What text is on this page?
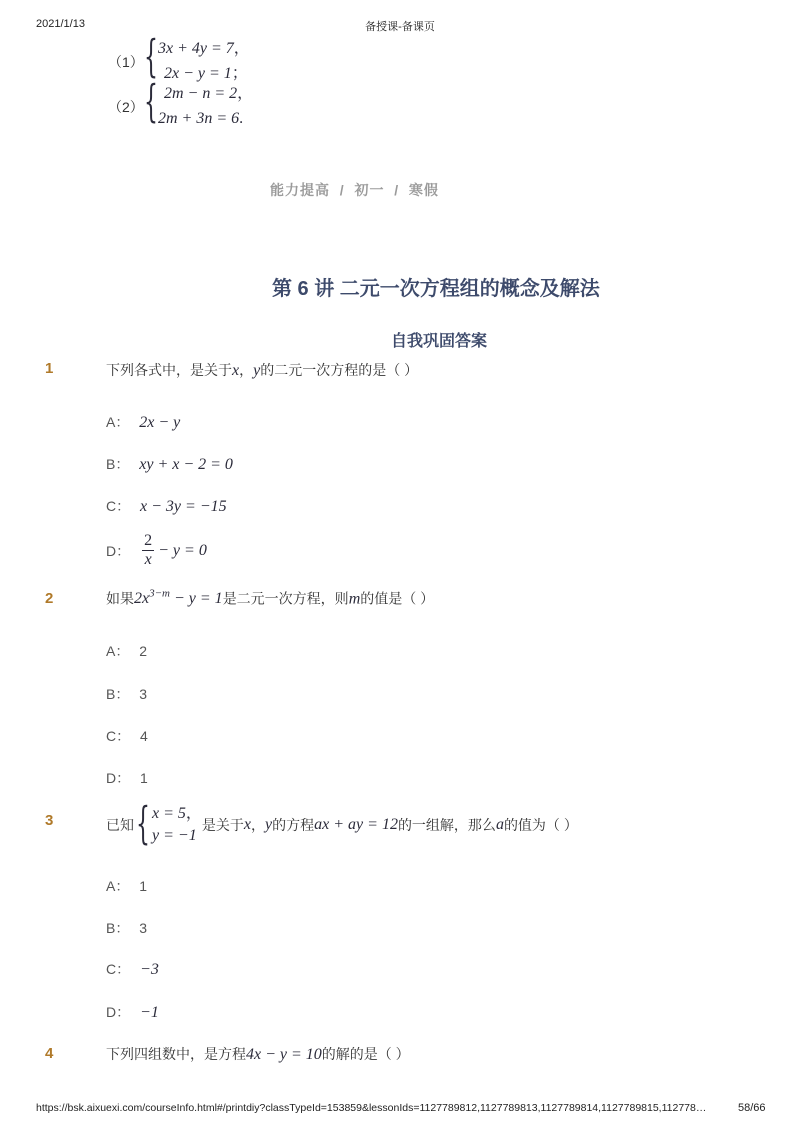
2021/1/13	备授课-备课页
（1） { 3x + 4y = 7，
2x − y = 1；
（2） { 2m − n = 2，
2m + 3n = 6.
能力提高  /  初一  /  寒假
第 6 讲 二元一次方程组的概念及解法
自我巩固答案
1	下列各式中，是关于x，y的二元一次方程的是（ ）
A： 2x − y
B： xy + x − 2 = 0
C： x − 3y = −15
D： $\frac{2}{x} - y = 0$
2	如果$2x^{3-m} - y = 1$是二元一次方程，则m的值是（ ）
A： 2
B： 3
C： 4
D： 1
3	已知 { x = 5，
y = −1
是关于 x ， y 的方程 ax + ay = 12 的一组解，那么 a 的值为（ ）
A： 1
B： 3
C： −3
D： −1
4	下列四组数中，是方程4x − y = 10的解的是（ ）
https://bsk.aixuexi.com/courseInfo.html#/printdiy?classTypeId=153859&lessonIds=1127789812,1127789813,1127789814,1127789815,112778…	58/66
